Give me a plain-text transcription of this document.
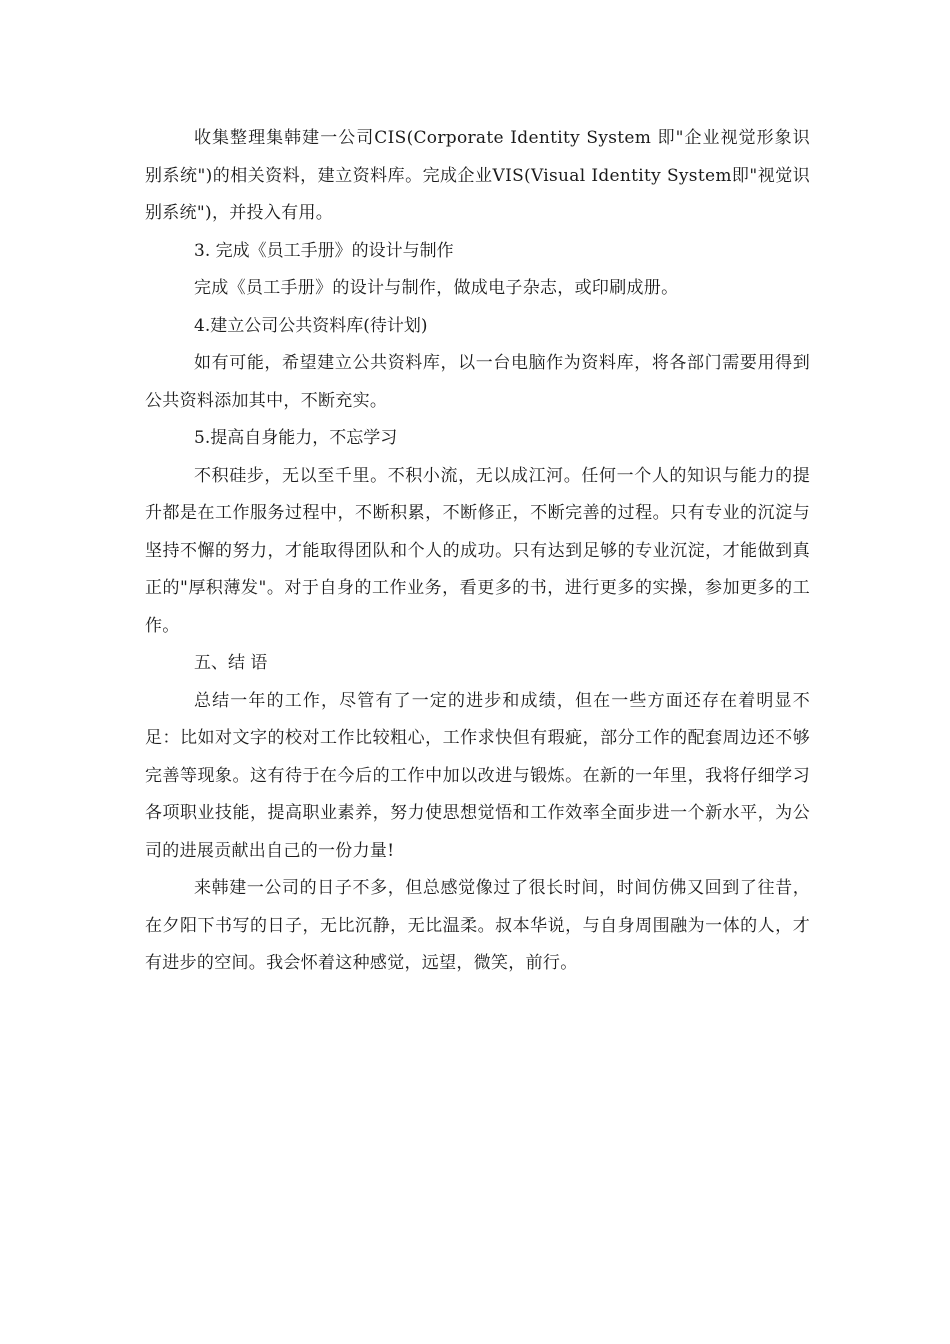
收集整理集韩建一公司CIS(Corporate Identity System 即"企业视觉形象识别系统")的相关资料，建立资料库。完成企业VIS(Visual Identity System即"视觉识别系统")，并投入有用。

3. 完成《员工手册》的设计与制作

完成《员工手册》的设计与制作，做成电子杂志，或印刷成册。

4.建立公司公共资料库(待计划)

如有可能，希望建立公共资料库，以一台电脑作为资料库，将各部门需要用得到公共资料添加其中，不断充实。

5.提高自身能力，不忘学习

不积硅步，无以至千里。不积小流，无以成江河。任何一个人的知识与能力的提升都是在工作服务过程中，不断积累，不断修正，不断完善的过程。只有专业的沉淀与坚持不懈的努力，才能取得团队和个人的成功。只有达到足够的专业沉淀，才能做到真正的"厚积薄发"。对于自身的工作业务，看更多的书，进行更多的实操，参加更多的工作。

五、结 语

总结一年的工作，尽管有了一定的进步和成绩，但在一些方面还存在着明显不足：比如对文字的校对工作比较粗心，工作求快但有瑕疵，部分工作的配套周边还不够完善等现象。这有待于在今后的工作中加以改进与锻炼。在新的一年里，我将仔细学习各项职业技能，提高职业素养，努力使思想觉悟和工作效率全面步进一个新水平，为公司的进展贡献出自己的一份力量!

来韩建一公司的日子不多，但总感觉像过了很长时间，时间仿佛又回到了往昔，在夕阳下书写的日子，无比沉静，无比温柔。叔本华说，与自身周围融为一体的人，才有进步的空间。我会怀着这种感觉，远望，微笑，前行。
